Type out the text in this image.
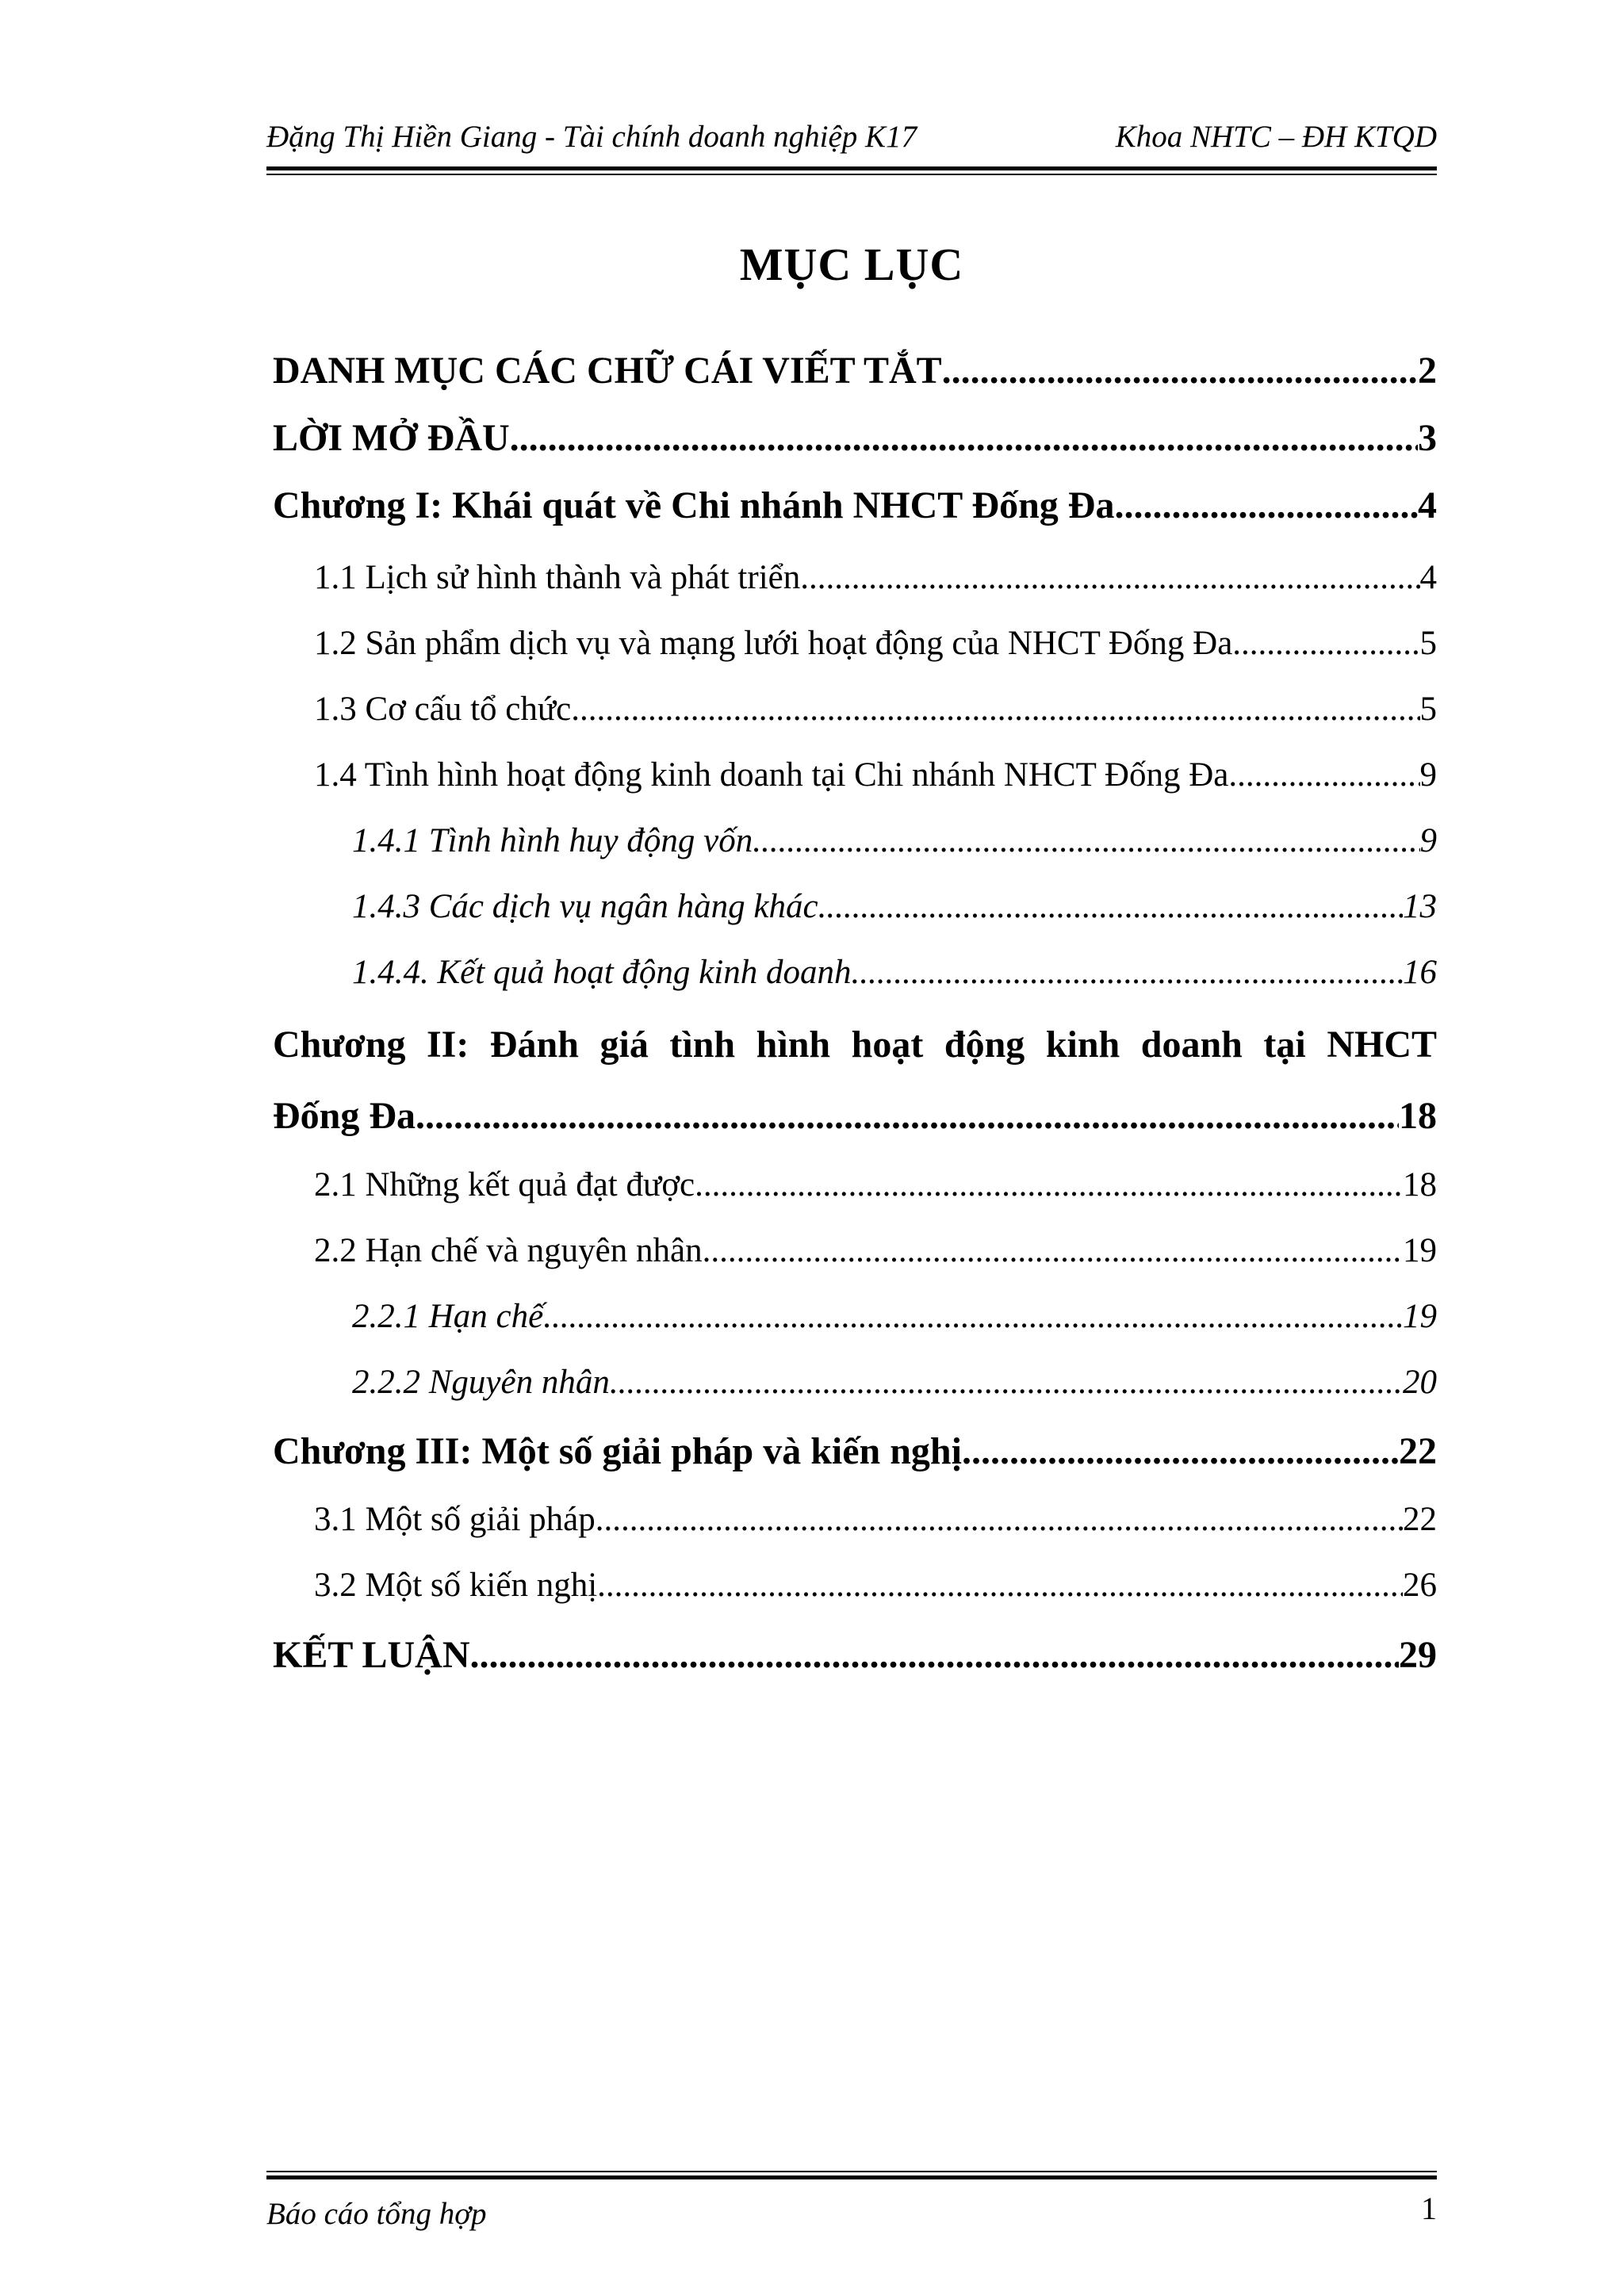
Đặng Thị Hiền Giang - Tài chính doanh nghiệp K17	Khoa NHTC – ĐH KTQD
MỤC LỤC
DANH MỤC CÁC CHỮ CÁI VIẾT TẮT .....	2
LỜI MỞ ĐẦU .....	3
Chương I: Khái quát về Chi nhánh NHCT Đống Đa .....	4
1.1 Lịch sử hình thành và phát triển .....	4
1.2 Sản phẩm dịch vụ và mạng lưới hoạt động của NHCT Đống Đa .....	5
1.3 Cơ cấu tổ chức .....	5
1.4 Tình hình hoạt động kinh doanh tại Chi nhánh NHCT Đống Đa .....	9
1.4.1 Tình hình huy động vốn .....	9
1.4.3 Các dịch vụ ngân hàng khác .....	13
1.4.4. Kết quả hoạt động kinh doanh .....	16
Chương II: Đánh giá tình hình hoạt động kinh doanh tại NHCT
Đống Đa .....	18
2.1 Những kết quả đạt được .....	18
2.2 Hạn chế và nguyên nhân .....	19
2.2.1 Hạn chế .....	19
2.2.2 Nguyên nhân .....	20
Chương III: Một số giải pháp và kiến nghị .....	22
3.1 Một số giải pháp .....	22
3.2 Một số kiến nghị .....	26
KẾT LUẬN .....	29
Báo cáo tổng hợp	1
